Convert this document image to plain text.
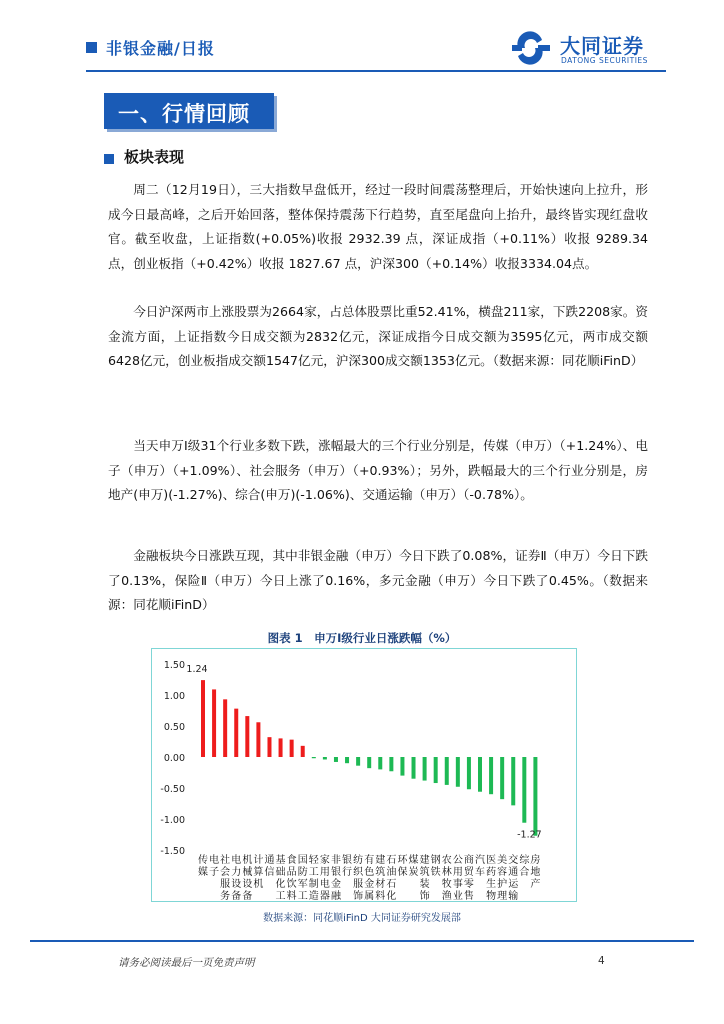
非银金融/日报	大同证券
DATONG SECURITIES
一、行情回顾
板块表现

周二（12月19日），三大指数早盘低开，经过一段时间震荡整理后，开始快速向上拉升，形成今日最高峰，之后开始回落，整体保持震荡下行趋势，直至尾盘向上抬升，最终皆实现红盘收官。截至收盘，上证指数(+0.05%)收报 2932.39 点，深证成指（+0.11%）收报 9289.34 点，创业板指（+0.42%）收报 1827.67 点，沪深300（+0.14%）收报3334.04点。

今日沪深两市上涨股票为2664家，占总体股票比重52.41%，横盘211家，下跌2208家。资金流方面，上证指数今日成交额为2832亿元，深证成指今日成交额为3595亿元，两市成交额6428亿元，创业板指成交额1547亿元，沪深300成交额1353亿元。（数据来源：同花顺iFinD）

当天申万Ⅰ级31个行业多数下跌，涨幅最大的三个行业分别是，传媒（申万）（+1.24%）、电子（申万）（+1.09%）、社会服务（申万）（+0.93%）；另外，跌幅最大的三个行业分别是，房地产(申万)(-1.27%)、综合(申万)(-1.06%)、交通运输（申万）（-0.78%）。

金融板块今日涨跌互现，其中非银金融（申万）今日下跌了0.08%，证券Ⅱ（申万）今日下跌了0.13%，保险Ⅱ（申万）今日上涨了0.16%，多元金融（申万）今日下跌了0.45%。（数据来源：同花顺iFinD）

图表 1　申万Ⅰ级行业日涨跌幅（%）
1.50
1.00
0.50
0.00
-0.50
-1.00
-1.50
传
媒
电
子
社
会
服
务
电
力
设
备
机
械
设
备
计
算
机
通
信
基
础
化
工
食
品
饮
料
国
防
军
工
轻
工
制
造
家
用
电
器
非
银
金
融
银
行
纺
织
服
饰
有
色
金
属
建
筑
材
料
石
油
石
化
环
保
煤
炭
建
筑
装
饰
钢
铁
农
林
牧
渔
公
用
事
业
商
贸
零
售
汽
车
医
药
生
物
美
容
护
理
交
通
运
输
综
合
房
地
产
1.24
-1.27
数据来源：同花顺iFinD 大同证券研究发展部
请务必阅读最后一页免责声明	4
